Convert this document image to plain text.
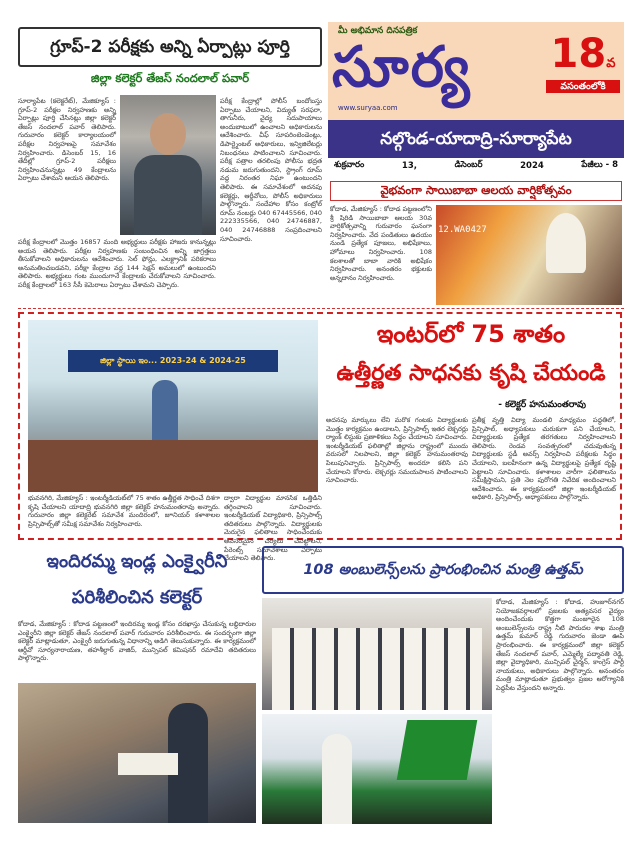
గ్రూప్-2 పరీక్షకు అన్ని ఏర్పాట్లు పూర్తి
జిల్లా కలెక్టర్ తేజస్ నందలాల్ పవార్
సూర్యాపేట (కలెక్టరేట్), మేజిక్యూస్ : గ్రూప్-2 పరీక్షల నిర్వహణకు అన్ని ఏర్పాట్లు పూర్తి చేసినట్లు జిల్లా కలెక్టర్ తేజస్ నందలాల్ పవార్ తెలిపారు. గురువారం కలెక్టర్ కార్యాలయంలో పరీక్షల నిర్వహణపై సమావేశం నిర్వహించారు. డిసెంబర్ 15, 16 తేదీల్లో గ్రూప్-2 పరీక్షలు నిర్వహించనున్నట్లు 49 కేంద్రాలను ఏర్పాటు చేశామని ఆయన తెలిపారు.
పరీక్ష కేంద్రాలలో మొత్తం 16857 మంది అభ్యర్థులు పరీక్షకు హాజరు కానున్నట్లు అయన తెలిపారు. పరీక్షల నిర్వహణకు సంబంధించిన అన్ని జాగ్రత్తలు తీసుకోవాలని అధికారులను ఆదేశించారు. సెల్ ఫోన్లు, ఎలక్ట్రానిక్ పరికరాలు అనుమతించబడవని, పరీక్షా కేంద్రాల వద్ద 144 సెక్షన్ అమలులో ఉంటుందని తెలిపారు. అభ్యర్థులు గంట ముందుగానే కేంద్రాలకు చేరుకోవాలని సూచించారు. పరీక్ష కేంద్రాలలో 163 సీసీ కెమెరాలు ఏర్పాటు చేశామని చెప్పారు.
పరీక్ష కేంద్రాల్లో పోలీస్ బందోబస్తు ఏర్పాటు చేయాలని, విద్యుత్ సరఫరా, తాగునీరు, వైద్య సదుపాయాలు అందుబాటులో ఉంచాలని అధికారులను ఆదేశించారు. చీఫ్ సూపరింటెండెంట్లు, డిపార్ట్మెంటల్ అధికారులు, ఇన్విజిలేటర్లు నిబంధనలు పాటించాలని సూచించారు. పరీక్ష పత్రాల తరలింపు పోలీసు భద్రత నడుమ జరుగుతుందని, స్ట్రాంగ్ రూమ్ వద్ద నిరంతర నిఘా ఉంటుందని తెలిపారు. ఈ సమావేశంలో అదనపు కలెక్టర్లు, ఆర్డీవోలు, పోలీస్ అధికారులు పాల్గొన్నారు. సందేహాల కోసం కంట్రోల్ రూమ్ నంబర్లు 040 67445566, 040 222335566, 040 24746887, 040 24746888 సంప్రదించాలని సూచించారు.
మీ అభిమాన దినపత్రిక
సూర్య
www.suryaa.com
18వ
వసంతంలోకి
నల్గొండ-యాదాద్రి-సూర్యాపేట
శుక్రవారం	13,	డిసెంబర్	2024	పేజీలు - 8
వైభవంగా సాయిబాబా ఆలయ వార్షికోత్సవం
కోదాడ, మేజిక్యూస్ : కోదాడ పట్టణంలోని శ్రీ షిరిడి సాయిబాబా ఆలయ 30వ వార్షికోత్సవాన్ని గురువారం ఘనంగా నిర్వహించారు. వేద పండితులు ఉదయం నుండి ప్రత్యేక పూజలు, అభిషేకాలు, హోమాలు నిర్వహించారు. 108 కలశాలతో బాబా వారికి అభిషేకం నిర్వహించారు. అనంతరం భక్తులకు అన్నదానం నిర్వహించారు.
12.WA0427
జిల్లా స్థాయి ఇం... 2023-24 & 2024-25
ఇంటర్‌లో 75 శాతం
ఉత్తీర్ణత సాధనకు కృషి చేయండి
- కలెక్టర్ హనుమంతరావు
అదనపు మార్కులు లేని మరొక గంటకు విద్యార్థులకు మొత్తం కార్యక్రమం ఉండాలని, ప్రిన్సిపాల్స్ ఇతర లెక్చరర్లు ర్యాంక్ లిస్టుకు ప్రణాళికలు సిద్ధం చేయాలని సూచించారు. ఇంటర్మీడియట్ ఫలితాల్లో జిల్లాను రాష్ట్రంలో ముందు వరుసలో నిలపాలని, జిల్లా కలెక్టర్ హనుమంతరావు పిలుపునిచ్చారు. ప్రిన్సిపాల్స్ అందరూ కలిసి పని చేయాలని కోరారు. లెక్చరర్లు సమయపాలన పాటించాలని సూచించారు.
ప్రతీక్ష వృత్తి విద్యా మండలి మాధ్యమం పద్ధతిలో, ప్రిన్సిపాల్, అధ్యాపకులు చురుకుగా పని చేయాలని, విద్యార్థులకు ప్రత్యేక తరగతులు నిర్వహించాలని తెలిపారు. రెండవ సంవత్సరంలో చదువుతున్న విద్యార్థులకు స్టడీ అవర్స్ నిర్వహించి పరీక్షలకు సిద్ధం చేయాలని, బలహీనంగా ఉన్న విద్యార్థులపై ప్రత్యేక దృష్టి పెట్టాలని సూచించారు. కళాశాలల వారీగా ఫలితాలను సమీక్షిస్తామని, ప్రతి నెల పురోగతి నివేదిక అందించాలని ఆదేశించారు. ఈ కార్యక్రమంలో జిల్లా ఇంటర్మీడియట్ అధికారి, ప్రిన్సిపాల్స్, అధ్యాపకులు పాల్గొన్నారు.
భువనగిరి, మేజిక్యూస్ : ఇంటర్మీడియట్‌లో 75 శాతం ఉత్తీర్ణత సాధించే దిశగా కృషి చేయాలని యాదాద్రి భువనగిరి జిల్లా కలెక్టర్ హనుమంతరావు అన్నారు. గురువారం జిల్లా కలెక్టరేట్ సమావేశ మందిరంలో, జూనియర్ కళాశాలల ప్రిన్సిపాల్స్‌తో సమీక్ష సమావేశం నిర్వహించారు.
ద్వారా విద్యార్థుల మానసిక ఒత్తిడిని తగ్గించాలని సూచించారు. ఇంటర్మీడియట్ విద్యాధికారి, ప్రిన్సిపాల్స్ తదితరులు పాల్గొన్నారు. విద్యార్థులకు మెరుగైన ఫలితాలు సాధించేందుకు అవసరమైన చర్యలు చేపట్టాలని, పేరెంట్స్ సమావేశాలు ఏర్పాటు చేయాలని తెలిపారు.
ఇందిరమ్మ ఇండ్ల ఎంక్వైరీని
పరిశీలించిన కలెక్టర్
కోదాడ, మేజిక్యూస్ : కోదాడ పట్టణంలో ఇందిరమ్మ ఇండ్ల కోసం దరఖాస్తు చేసుకున్న లబ్ధిదారుల ఎంక్వైరీని జిల్లా కలెక్టర్ తేజస్ నందలాల్ పవార్ గురువారం పరిశీలించారు. ఈ సందర్భంగా జిల్లా కలెక్టర్ మాట్లాడుతూ, ఎంక్వైరీ జరుగుతున్న విధానాన్ని అడిగి తెలుసుకున్నారు. ఈ కార్యక్రమంలో ఆర్డీవో సూర్యనారాయణ, తహశీల్దార్ వాజిద్, మున్సిపల్ కమిషనర్ రమాదేవి తదితరులు పాల్గొన్నారు.
108 అంబులెన్స్‌లను ప్రారంభించిన మంత్రి ఉత్తమ్
కోదాడ, మేజిక్యూస్ : కోదాడ, హుజూర్‌నగర్ నియోజకవర్గాలలో ప్రజలకు అత్యవసర వైద్యం అందించేందుకు కొత్తగా మంజూరైన 108 అంబులెన్స్‌లను రాష్ట్ర నీటి పారుదల శాఖ మంత్రి ఉత్తమ్ కుమార్ రెడ్డి గురువారం జెండా ఊపి ప్రారంభించారు. ఈ కార్యక్రమంలో జిల్లా కలెక్టర్ తేజస్ నందలాల్ పవార్, ఎమ్మెల్యే పద్మావతి రెడ్డి, జిల్లా వైద్యాధికారి, మున్సిపల్ చైర్మన్, కాంగ్రెస్ పార్టీ నాయకులు, అధికారులు పాల్గొన్నారు. అనంతరం మంత్రి మాట్లాడుతూ ప్రభుత్వం ప్రజల ఆరోగ్యానికి పెద్దపీట వేస్తుందని అన్నారు.
